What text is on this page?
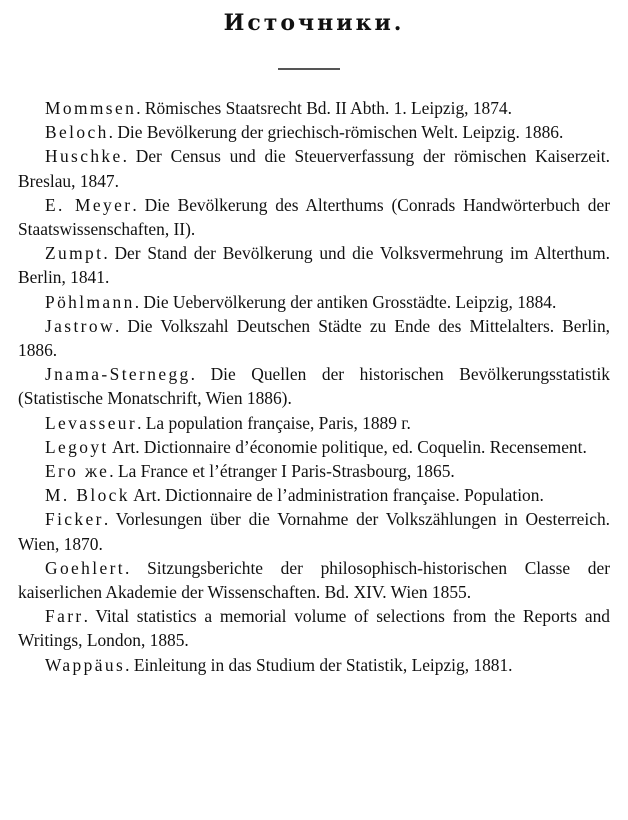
Источники.

Mommsen. Römisches Staatsrecht Bd. II Abth. 1. Leipzig, 1874.

Beloch. Die Bevölkerung der griechisch-römischen Welt. Leipzig. 1886.

Huschke. Der Census und die Steuerverfassung der römischen Kaiserzeit. Breslau, 1847.

E. Meyer. Die Bevölkerung des Alterthums (Conrads Handwörterbuch der Staatswissenschaften, II).

Zumpt. Der Stand der Bevölkerung und die Volksvermehrung im Alterthum. Berlin, 1841.

Pöhlmann. Die Uebervölkerung der antiken Grosstädte. Leipzig, 1884.

Jastrow. Die Volkszahl Deutschen Städte zu Ende des Mittelalters. Berlin, 1886.

Jnama-Sternegg. Die Quellen der historischen Bevölkerungsstatistik (Statistische Monatschrift, Wien 1886).

Levasseur. La population française, Paris, 1889 г.

Legoyt Art. Dictionnaire d’économie politique, ed. Coquelin. Recensement.

Его же. La France et l’étranger I Paris-Strasbourg, 1865.

M. Block Art. Dictionnaire de l’administration française. Population.

Ficker. Vorlesungen über die Vornahme der Volkszählungen in Oesterreich. Wien, 1870.

Goehlert. Sitzungsberichte der philosophisch-historischen Classe der kaiserlichen Akademie der Wissenschaften. Bd. XIV. Wien 1855.

Farr. Vital statistics a memorial volume of selections from the Reports and Writings, London, 1885.

Wappäus. Einleitung in das Studium der Statistik, Leipzig, 1881.
